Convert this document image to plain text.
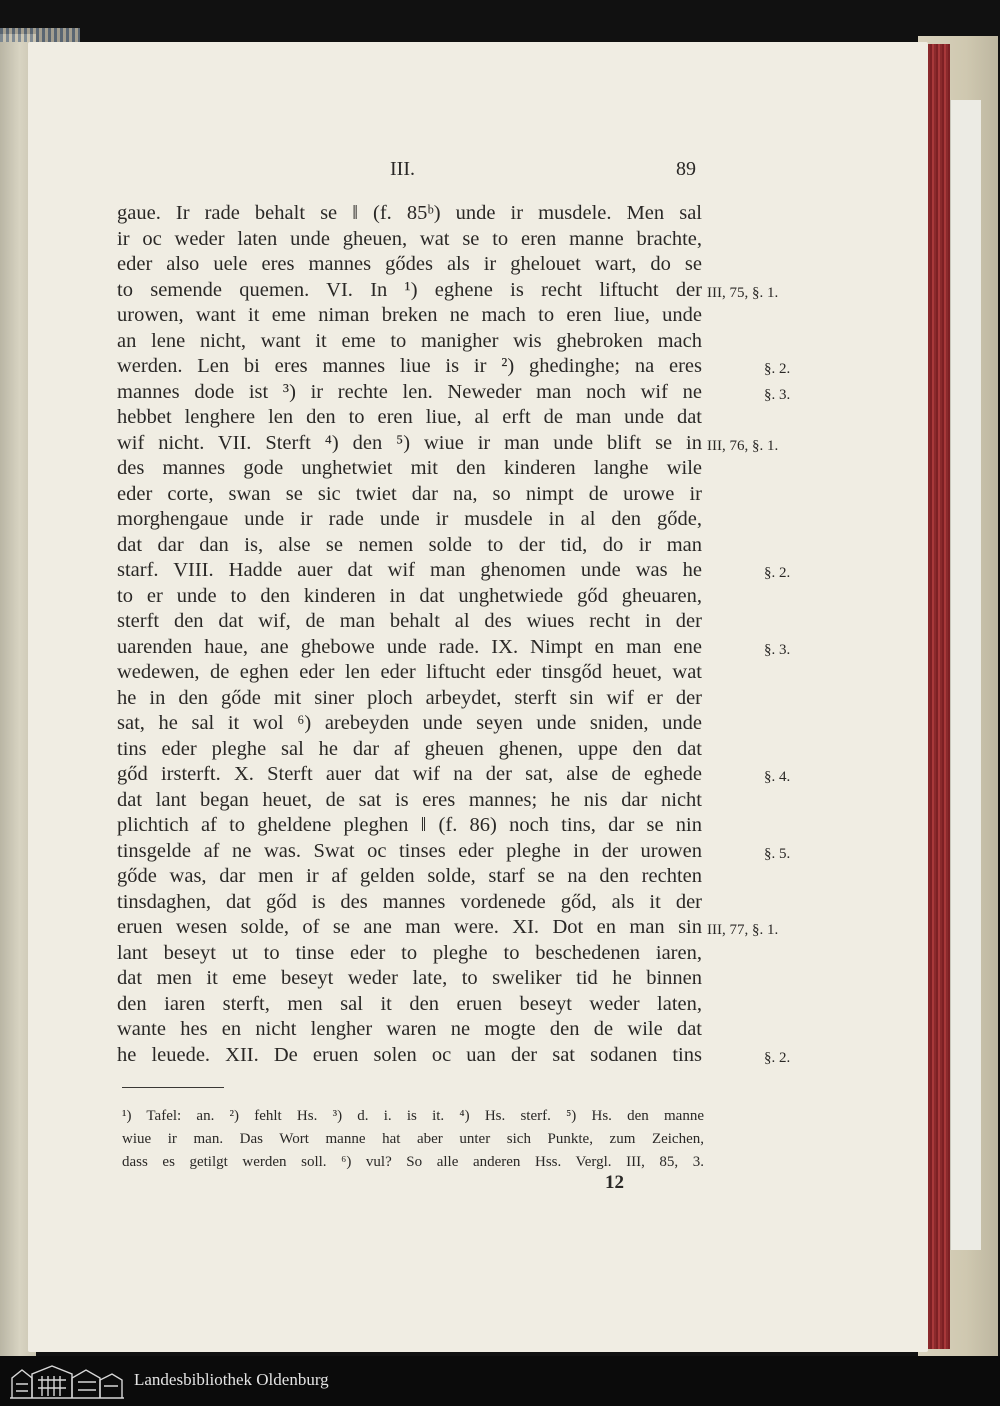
III.	89
gaue. Ir rade behalt se ‖ (f. 85ᵇ) unde ir musdele. Men sal
ir oc weder laten unde gheuen, wat se to eren manne brachte,
eder also uele eres mannes gődes als ir ghelouet wart, do se
to semende quemen. VI. In ¹) eghene is recht liftucht der
urowen, want it eme niman breken ne mach to eren liue, unde
an lene nicht, want it eme to manigher wis ghebroken mach
werden. Len bi eres mannes liue is ir ²) ghedinghe; na eres
mannes dode ist ³) ir rechte len. Neweder man noch wif ne
hebbet lenghere len den to eren liue, al erft de man unde dat
wif nicht. VII. Sterft ⁴) den ⁵) wiue ir man unde blift se in
des mannes gode unghetwiet mit den kinderen langhe wile
eder corte, swan se sic twiet dar na, so nimpt de urowe ir
morghengaue unde ir rade unde ir musdele in al den gőde,
dat dar dan is, alse se nemen solde to der tid, do ir man
starf. VIII. Hadde auer dat wif man ghenomen unde was he
to er unde to den kinderen in dat unghetwiede gőd gheuaren,
sterft den dat wif, de man behalt al des wiues recht in der
uarenden haue, ane ghebowe unde rade. IX. Nimpt en man ene
wedewen, de eghen eder len eder liftucht eder tinsgőd heuet, wat
he in den gőde mit siner ploch arbeydet, sterft sin wif er der
sat, he sal it wol ⁶) arebeyden unde seyen unde sniden, unde
tins eder pleghe sal he dar af gheuen ghenen, uppe den dat
gőd irsterft. X. Sterft auer dat wif na der sat, alse de eghede
dat lant began heuet, de sat is eres mannes; he nis dar nicht
plichtich af to gheldene pleghen ‖ (f. 86) noch tins, dar se nin
tinsgelde af ne was. Swat oc tinses eder pleghe in der urowen
gőde was, dar men ir af gelden solde, starf se na den rechten
tinsdaghen, dat gőd is des mannes vordenede gőd, als it der
eruen wesen solde, of se ane man were. XI. Dot en man sin
lant beseyt ut to tinse eder to pleghe to beschedenen iaren,
dat men it eme beseyt weder late, to sweliker tid he binnen
den iaren sterft, men sal it den eruen beseyt weder laten,
wante hes en nicht lengher waren ne mogte den de wile dat
he leuede. XII. De eruen solen oc uan der sat sodanen tins
III, 75, §. 1.
§. 2.
§. 3.
III, 76, §. 1.
§. 2.
§. 3.
§. 4.
§. 5.
III, 77, §. 1.
§. 2.
¹) Tafel: an. ²) fehlt Hs. ³) d. i. is it. ⁴) Hs. sterf. ⁵) Hs. den manne
wiue ir man. Das Wort manne hat aber unter sich Punkte, zum Zeichen,
dass es getilgt werden soll. ⁶) vul? So alle anderen Hss. Vergl. III, 85, 3.
12
Landesbibliothek Oldenburg
